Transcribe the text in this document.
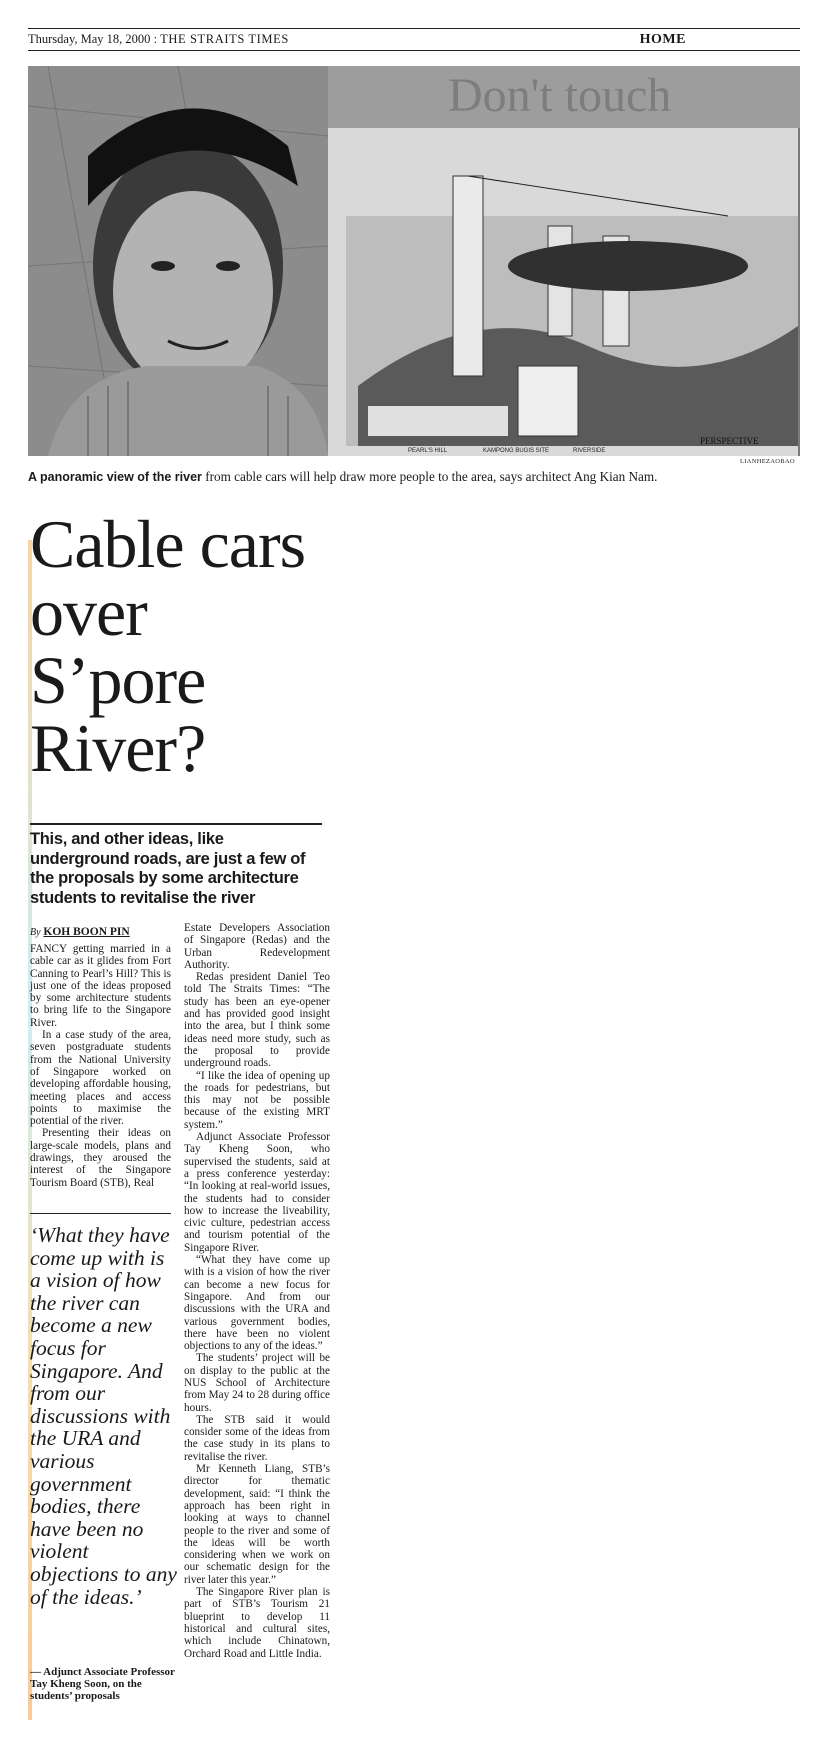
Thursday, May 18, 2000 : THE STRAITS TIMES	HOME
Don't touch
PEARL'S HILL	KAMPONG BUGIS SITE	RIVERSIDE
PERSPECTIVE
LIANHEZAOBAO
A panoramic view of the river from cable cars will help draw more people to the area, says architect Ang Kian Nam.
Cable cars over S’pore River?
This, and other ideas, like underground roads, are just a few of the proposals by some architecture students to revitalise the river
By KOH BOON PIN

FANCY getting married in a cable car as it glides from Fort Canning to Pearl’s Hill? This is just one of the ideas proposed by some architecture students to bring life to the Singapore River.

In a case study of the area, seven postgraduate students from the National University of Singapore worked on developing affordable housing, meeting places and access points to maximise the potential of the river.

Presenting their ideas on large-scale models, plans and drawings, they aroused the interest of the Singapore Tourism Board (STB), Real

‘What they have come up with is a vision of how the river can become a new focus for Singapore. And from our discussions with the URA and various government bodies, there have been no violent objections to any of the ideas.’
— Adjunct Associate Professor Tay Kheng Soon, on the students’ proposals

Estate Developers Association of Singapore (Redas) and the Urban Redevelopment Authority.

Redas president Daniel Teo told The Straits Times: “The study has been an eye-opener and has provided good insight into the area, but I think some ideas need more study, such as the proposal to provide underground roads.

“I like the idea of opening up the roads for pedestrians, but this may not be possible because of the existing MRT system.”

Adjunct Associate Professor Tay Kheng Soon, who supervised the students, said at a press conference yesterday: “In looking at real-world issues, the students had to consider how to increase the liveability, civic culture, pedestrian access and tourism potential of the Singapore River.

“What they have come up with is a vision of how the river can become a new focus for Singapore. And from our discussions with the URA and various government bodies, there have been no violent objections to any of the ideas.”

The students’ project will be on display to the public at the NUS School of Architecture from May 24 to 28 during office hours.

The STB said it would consider some of the ideas from the case study in its plans to revitalise the river.

Mr Kenneth Liang, STB’s director for thematic development, said: “I think the approach has been right in looking at ways to channel people to the river and some of the ideas will be worth considering when we work on our schematic design for the river later this year.”

The Singapore River plan is part of STB’s Tourism 21 blueprint to develop 11 historical and cultural sites, which include Chinatown, Orchard Road and Little India.
